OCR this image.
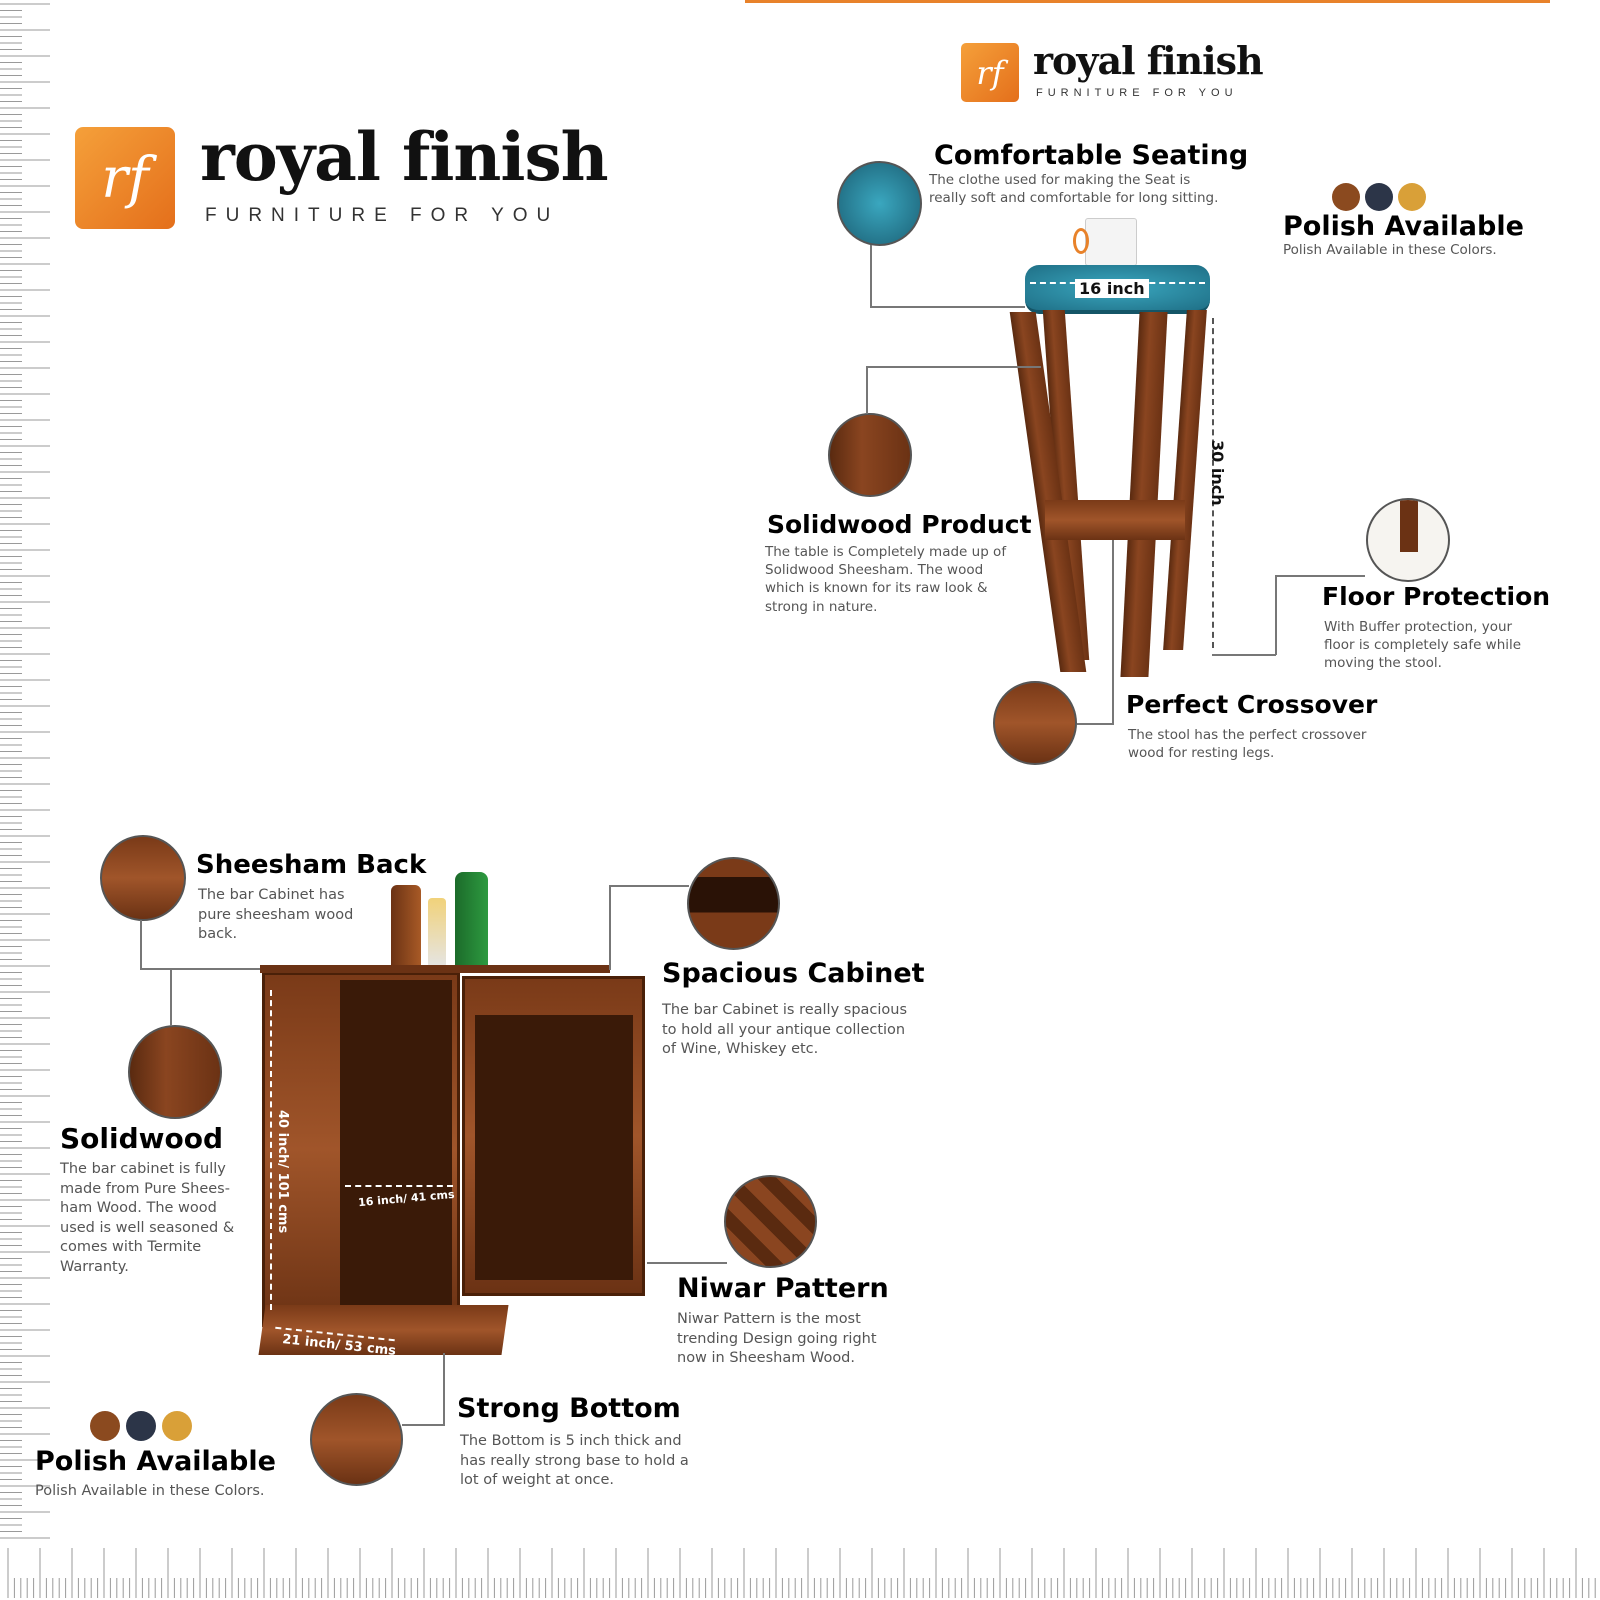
rf royal finish
FURNITURE FOR YOU
rf royal finish
FURNITURE FOR YOU
16 inch
30 inch
Comfortable Seating
The clothe used for making the Seat is really soft and comfortable for long sitting.
Polish Available
Polish Available in these Colors.
Solidwood Product
The table is Completely made up of Solidwood Sheesham. The wood which is known for its raw look & strong in nature.	Floor Protection
With Buffer protection, your floor is completely safe while moving the stool.
Perfect Crossover
The stool has the perfect crossover wood for resting legs.
40 inch/ 101 cms	16 inch/ 41 cms
21 inch/ 53 cms
Sheesham Back
The bar Cabinet has pure sheesham wood back.
Spacious Cabinet
The bar Cabinet is really spacious to hold all your antique collection of Wine, Whiskey etc.
Solidwood
The bar cabinet is fully made from Pure Shees- ham Wood. The wood used is well seasoned & comes with Termite Warranty.
Niwar Pattern
Niwar Pattern is the most trending Design going right now in Sheesham Wood.
Strong Bottom
The Bottom is 5 inch thick and has really strong base to hold a lot of weight at once.
Polish Available
Polish Available in these Colors.
